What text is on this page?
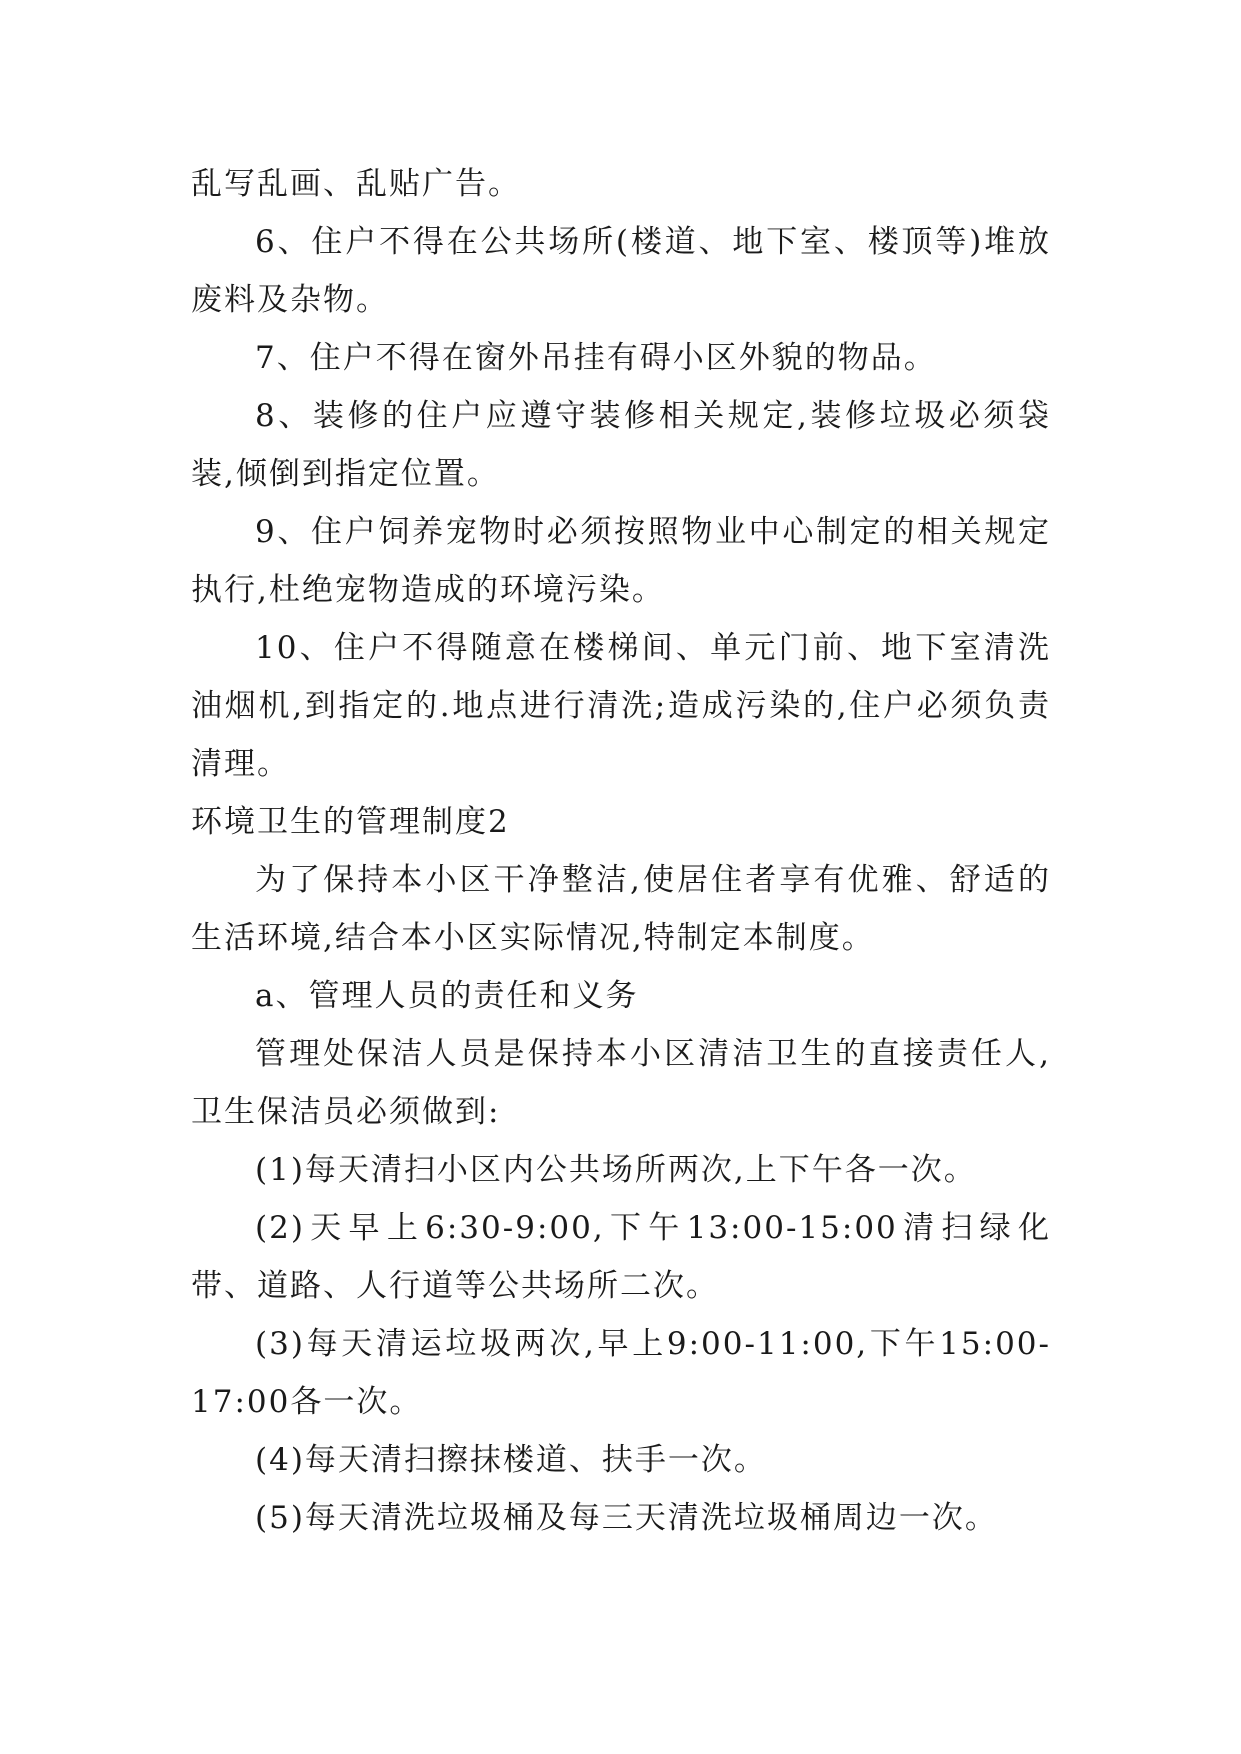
乱写乱画、乱贴广告。

6、住户不得在公共场所(楼道、地下室、楼顶等)堆放废料及杂物。

7、住户不得在窗外吊挂有碍小区外貌的物品。

8、装修的住户应遵守装修相关规定,装修垃圾必须袋装,倾倒到指定位置。

9、住户饲养宠物时必须按照物业中心制定的相关规定执行,杜绝宠物造成的环境污染。

10、住户不得随意在楼梯间、单元门前、地下室清洗油烟机,到指定的.地点进行清洗;造成污染的,住户必须负责清理。

环境卫生的管理制度2

为了保持本小区干净整洁,使居住者享有优雅、舒适的生活环境,结合本小区实际情况,特制定本制度。

a、管理人员的责任和义务

管理处保洁人员是保持本小区清洁卫生的直接责任人,卫生保洁员必须做到:

(1)每天清扫小区内公共场所两次,上下午各一次。

(2)天早上6:30-9:00,下午13:00-15:00清扫绿化带、道路、人行道等公共场所二次。

(3)每天清运垃圾两次,早上9:00-11:00,下午15:00-17:00各一次。

(4)每天清扫擦抹楼道、扶手一次。

(5)每天清洗垃圾桶及每三天清洗垃圾桶周边一次。
